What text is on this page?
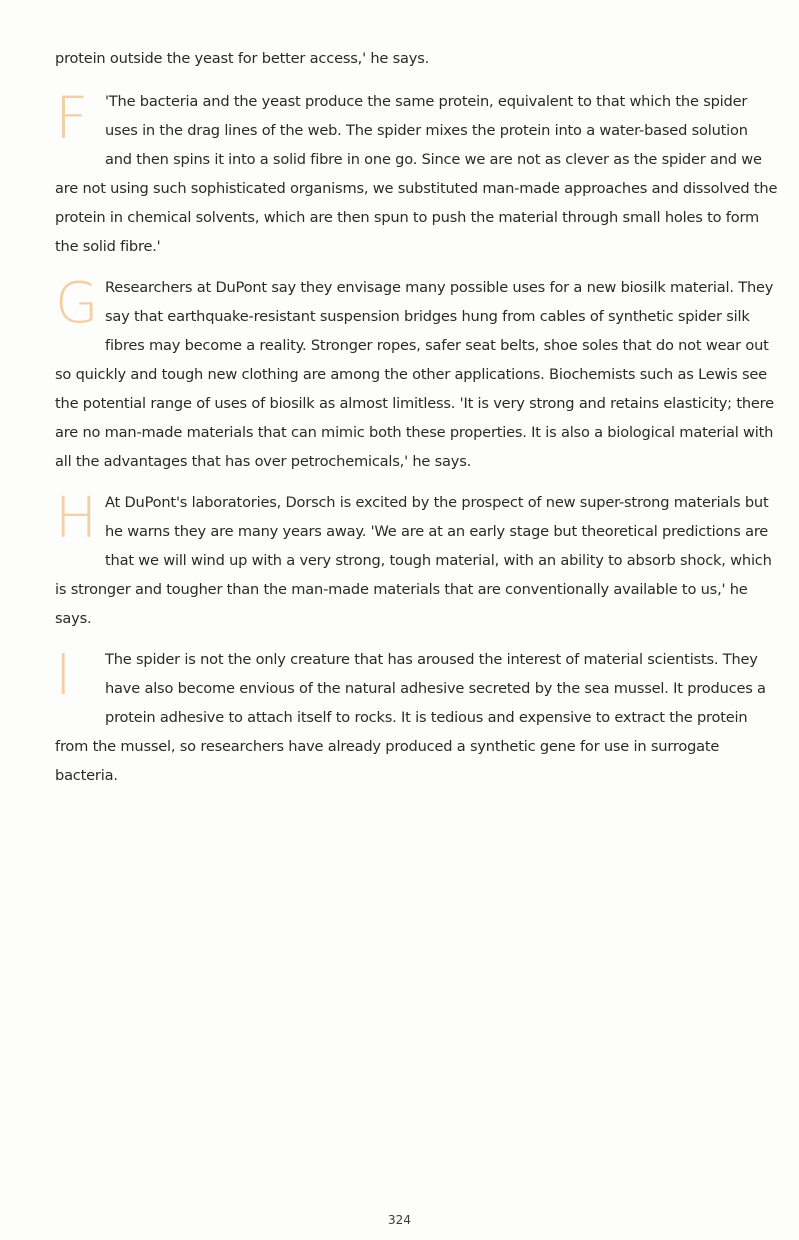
protein outside the yeast for better access,' he says.

F	'The bacteria and the yeast produce the same protein, equivalent to that which the spider uses in the drag lines of the web. The spider mixes the protein into a water-based solution and then spins it into a solid fibre in one go. Since we are not as clever as the spider and we are not using such sophisticated organisms, we substituted man-made approaches and dissolved the protein in chemical solvents, which are then spun to push the material through small holes to form the solid fibre.'
G Researchers at DuPont say they envisage many possible uses for a new biosilk material. They say that earthquake-resistant suspension bridges hung from cables of synthetic spider silk fibres may become a reality. Stronger ropes, safer seat belts, shoe soles that do not wear out so quickly and tough new clothing are among the other applications. Biochemists such as Lewis see the potential range of uses of biosilk as almost limitless. 'It is very strong and retains elasticity; there are no man-made materials that can mimic both these properties. It is also a biological material with all the advantages that has over petrochemicals,' he says.
H At DuPont's laboratories, Dorsch is excited by the prospect of new super-strong materials but he warns they are many years away. 'We are at an early stage but theoretical predictions are that we will wind up with a very strong, tough material, with an ability to absorb shock, which is stronger and tougher than the man-made materials that are conventionally available to us,' he says.
I	The spider is not the only creature that has aroused the interest of material scientists. They have also become envious of the natural adhesive secreted by the sea mussel. It produces a protein adhesive to attach itself to rocks. It is tedious and expensive to extract the protein from the mussel, so researchers have already produced a synthetic gene for use in surrogate bacteria.
324
